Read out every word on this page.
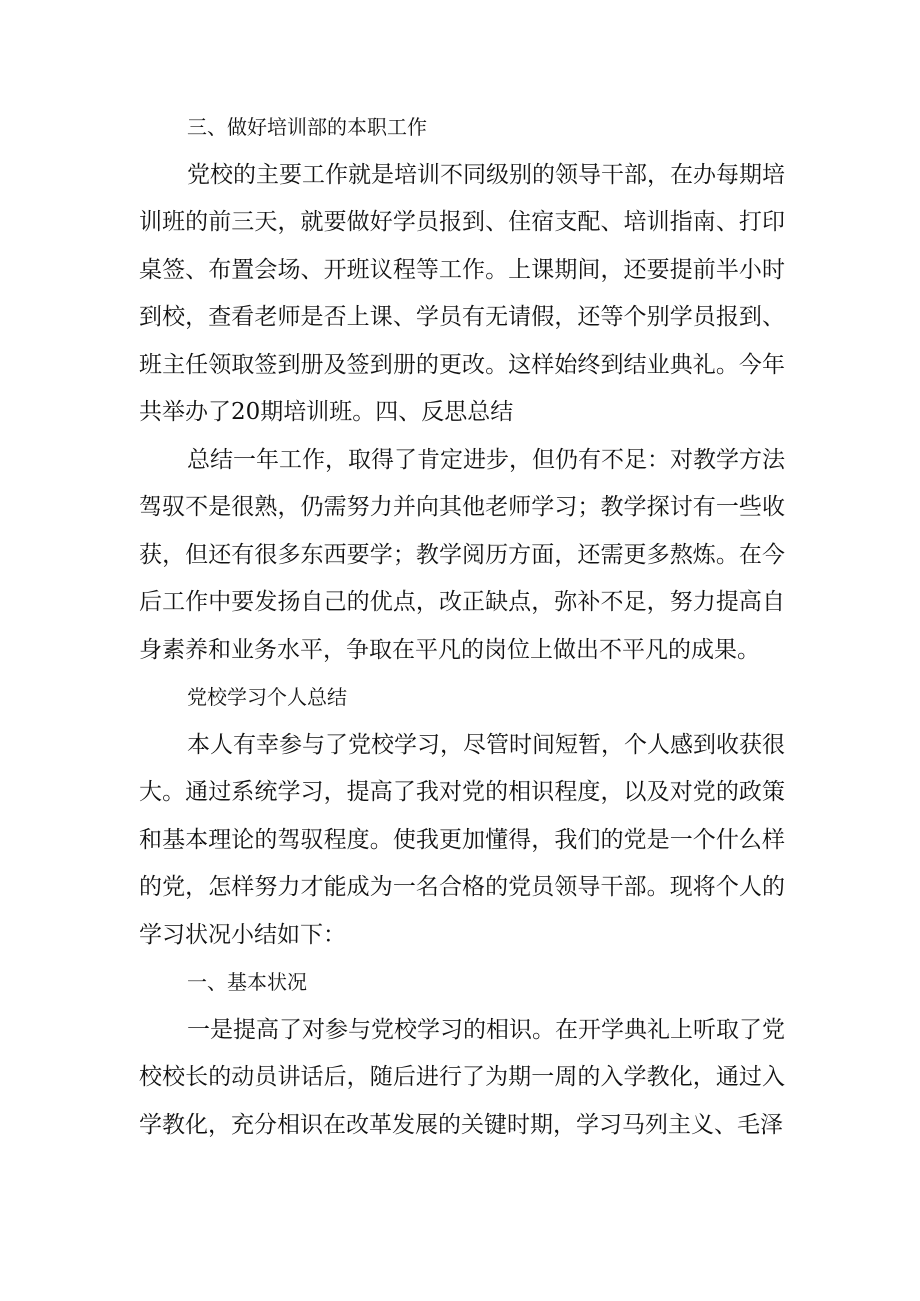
三、做好培训部的本职工作

党校的主要工作就是培训不同级别的领导干部，在办每期培训班的前三天，就要做好学员报到、住宿支配、培训指南、打印桌签、布置会场、开班议程等工作。上课期间，还要提前半小时到校，查看老师是否上课、学员有无请假，还等个别学员报到、班主任领取签到册及签到册的更改。这样始终到结业典礼。今年共举办了20期培训班。四、反思总结

总结一年工作，取得了肯定进步，但仍有不足：对教学方法驾驭不是很熟，仍需努力并向其他老师学习；教学探讨有一些收获，但还有很多东西要学；教学阅历方面，还需更多熬炼。在今后工作中要发扬自己的优点，改正缺点，弥补不足，努力提高自身素养和业务水平，争取在平凡的岗位上做出不平凡的成果。

党校学习个人总结

本人有幸参与了党校学习，尽管时间短暂，个人感到收获很大。通过系统学习，提高了我对党的相识程度，以及对党的政策和基本理论的驾驭程度。使我更加懂得，我们的党是一个什么样的党，怎样努力才能成为一名合格的党员领导干部。现将个人的学习状况小结如下：

一、基本状况

一是提高了对参与党校学习的相识。在开学典礼上听取了党校校长的动员讲话后，随后进行了为期一周的入学教化，通过入学教化，充分相识在改革发展的关键时期，学习马列主义、毛泽
